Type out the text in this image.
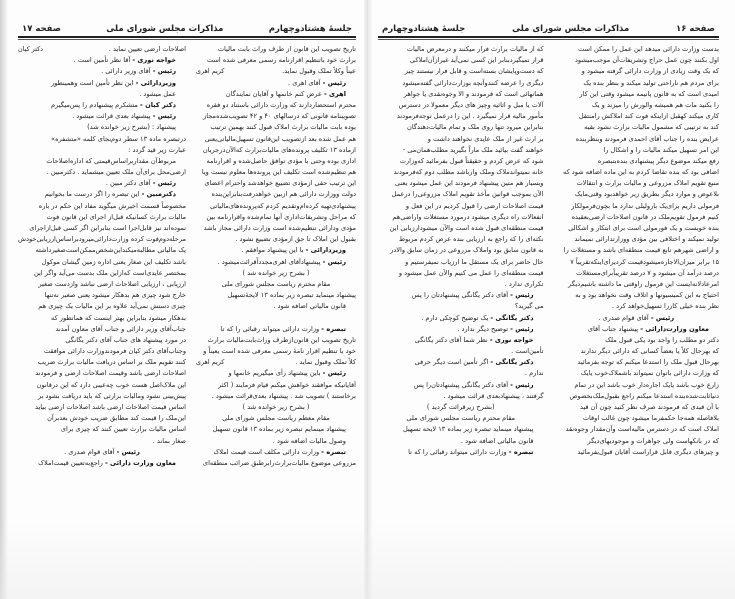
صفحه ۱۷	مذاکرات مجلس شورای ملی	جلسهٔ هشتادوچهارم
تاریخ تصویب این قانون از طرف وراث بابت مالیات
برارث خود باتنظیم اقرارنامه رسمی معرفی شده است
کریم اهری	عیناً وکلاً تملک وقبول نماید.
رئیس - آقای اهری .
اهری - عرض کنم خانمها و آقایان نمایندگان
محترم استحضاردارند که وزارت دارائی باستناد دو فقره
تصویبنامه قانونی که درسالهای ۴۰ و ۴۲ تصویب‌شده‌مجاز
بوده بابت مالیات برارث املاک قبول کنند بهمین ترتیب
هم عمل شده بعد ازتصویب این‌قانون تسهیل‌مالیاتی‌یعنی
ازماده ۱۳ تکلیف پرونده‌های مالیات‌برارث که‌الآن‌درجریان
اداری بوده وحتی با مؤدی توافق حاصل‌شده و اقرارنامه
هم تنظیم‌شده است تکلیف این پرونده‌ها معلوم نیست ویا
این ترتیب حقی ازمؤدی تضییع خواهدشد واحترام اعضای
دولت ووزارت دارائی هم ازبین خواهدرفت‌بنابراین‌بنده
پیشنهادی‌تهیه کرده‌ام‌وتقدیم کردم که‌پرونده‌های‌مالیاتی
که مراحل وتشریفات‌اداری آنها تمام‌شده واقرارنامه بین
مؤدی ودارائی تنظیم‌شده است وزارت دارائی مجاز باشد
بقبول این املاک تا حق ازمؤدی تضییع نشود .
وزیردارائی - با این پیشنهاد موافقم .
رئیس - پیشنهادآقای اهری‌مجدداًقرائت‌میشود .
( بشرح زیر خوانده شد )
مقام محترم ریاست مجلس شورای ملی
پیشنهاد مینماید تبصره زیر بماده ۱۳ لایحهٔ‌تسهیل
قانون مالیاتی اضافه شود .
تبصره - وزارت دارائی میتواند رقبائی را که تا
تاریخ تصویب این قانون‌ازطرف وراث‌بابت‌مالیات برارث
خود با تنظیم اقرار نامهٔ رسمی معرفی شده است یعیناً و
کریم اهری	کلاً تملک وقبول نماید .
رئیس - باین پیشنهاد رأی میگیریم خانمها و
آقایانیکه موافقند خواهش میکنم قیام فرمایند ( اکثر
برخاستند ) تصویب شد . پیشنهاد بعدی‌قرائت میشود .
( بشرح زیر خوانده شد )
مقام معظم ریاست مجلس شورای ملی
پیشنهاد مینمایم تبصره زیر بماده ۱۳ قانون تسهیل
وصول مالیات اضافه شود .
تبصره - وزارت دارائی مکلف است قیمت املاک
مزروعی موضوع مالیات‌برارث‌رابرطبق ضرائب منطقه‌ای
دکتر کیان	اصلاحات ارضی تعیین نماید .
خواجه نوری - آقا نظر تأمین است .
رئیس - آقای وزیر دارائی .
وزیردارائی - این نظر تأمین است وهمینطور
عمل میشود .
دکتر کیان - متشکرم پیشنهادم را پس‌میگیرم
رئیس - پیشنهاد بعدی قرائت میشود .
پیشنهاد : (بشرح زیر خوانده شد)
درتبصره ماده ۱۳ سطر دوم‌بجای کلمه «متشفره»
عبارت زیر قید گردد :
مربوط‌آن مقداربراساس‌قیمتی که اداره‌اصلاحات
ارضی‌محل برای‌آن ملک تعیین میشماید . دکترمبین .
رئیس - آقای دکتر مبین .
دکترمبین - این تبصره را اگر درست ما بخوانیم
مخصوصاً قسمت اخیرش میگوید مفاد این حکم در باره
مالیات برارث کسانیکه قبل‌از اجرای این قانون فوت
نموده‌اند نیز قابل‌اجرا است بنابراین اگر کسی قبل‌ازاجرای
مرحله‌دوم‌فوت کرده وزارت‌دارائی‌میرود‌براساس‌ارزیابی‌خودش
یک مالیاتی مطالبه‌میکند‌این‌شخص‌ممکن‌است‌صغیرداشته
باشد تکلیف این صغار یعنی اداره زمین گیشان موکول
بمختصر عایدی‌است که‌ازاین ملک بدست می‌آید واگر این
ارزیابی ، ارزیابی اصلاحات ارضی نباشد وازدست صغیر
خارج شود چیزی هم بدهکار میشود یعنی صغیر نه‌تنها
چیزی دستش نمی‌آید علاوه بر این مالیات یک چیزی هم
بدهکار میشود بنابراین بهتر اینست که همانطور که
جناب‌آقای وزیر دارائی و جناب آقای معاون آمدند
در مورد پیشنهاد های جناب آقای دکتر یگانگی
وجناب‌آقای دکتر کیان فرمودند‌وزارت دارائی موافقت
کنند تقویم ملک بر اساس دریافت مالیات برارث ضریب
اصلاحات ارضی باشد وقیمت اصلاحات ارضی و فرمودند
این ملاک‌اصل هست خوب چه‌عیبی دارد که این درقانون
پیش‌بینی نشود ومالیات برارثی که باید دریافت بشود بر
اساس قیمت اصلاحات ارضی باشد اصلاحات ارضی بیاید
این‌ملک را قیمت کند مطابق ضریب خودش بعدبرآن
اساس مالیات برارث تعیین کنند که چیزی برای
صغار بماند .
رئیس - آقای قوام صدری .
معاون وزارت دارائی - راجع‌به‌تعیین قیمت‌املاک
جلسهٔ هشتادوچهارم	مذاکرات مجلس شورای ملی	صفحه ۱۶
بدست وزارت دارائی میدهد این عمل را ممکن است
اول بکنند چون عمل حراج وتشریفات‌آن موجب‌میشود
که یک وقت زیادی از وزارت دارائی گرفته میشود و
برای مردم هم ناراحتی تولید میکند و بنظر بنده یک
امیدی است که به قانون پانیمه میشود وقتی این کار
را بکنید مات هم همیشه والورش را میزند و یک
کاری میکند کهقبل ازاینکه فوت کند املاکش رامنتقل
کند به ترتیبی که مشمول مالیات برارث نشود بقیه
عرایض بنده را جناب آقای احمدی فرمودند وبنظربنده
این امر تسهیل میکند مالیات را و اشکال را
رفع میکند موضوع دیگر پیشنهادی بنده‌بتبصره
اضافی بود که بنده تقاضا کردم به این ماده اضافه شود که
منبع تقویم املاک مزروعی و مالیات برارث و انتقالات
بلاعوض و موارد دیگر بطریق زیر خواهدبود وقتی‌مایک
فرمولی داریم برای‌یک بارولیلی ندارد ما بچون‌فرمولکار
کنیم فرمول تقویم‌ملک در قانون اصلاحات ارضی‌بعقیده
بنده خوبست و یک فورمولی است برای ابتکار و اشکالی
تولید نمیکند و اختلافی بین مؤدی ووزارتدارائی نمیماند
و اراضی شهرهم تابع قیمت منطقه‌ای باشد و مستغلات را
۱۵ برابر میزان‌الاجاره‌میشود‌قیمت کردیرای‌اینکه‌تقریباً ۷
درصد درآمد آن میشود و ۷ درصد تقریباًبرای‌مستغلات
امرعادلانه‌ایست این فرمول راوقتی ما داشته باشیم‌دیگر
احتیاج به این کمیسیونها و اتلاف وقت نخواهد بود و به
نظر بنده خیلی کاررا تسهیل‌خواهد کرد .
رئیس - آقای قوام صدری .
معاون وزارت‌دارائی - پیشنهاد جناب آقای
دکتر دو مطلب را واجد بود یکی قبول ملک
که بهرحال کلاً یا بعضاً کسانی که دارائی دیگر ندارند
بهرحال قبول ملک را استدعا میکنم که توجه بفرمائید
که وزارت دارائی باتوان نمیتواند باشملاک‌خوب یایک
زارع خوب باشد یایک اجاره‌دار خوب باشد این در تمام
دنیاثابت‌شده‌بنده استدعا میکنم راجع بقبول‌ملک‌بخصوص
با آن قیدی که فرمودند صرف نظر کنید چون آن قید
بلافاصله همه‌جا حکمفرما میشود چون غالب اوقات
املاک است که در دسترس مالیه‌است وآن‌مقدار وجوه‌نقد
که در بانکهاست ولی جواهرات و موجودیهای‌دیگر
و چیزهای دیگری قابل قراراست آقایان قبول‌بفرمائید
که از مالیات برارث فرار میکنند و درمعرض مالیات
قرار نمیگیرد‌بنابر این کسی نمی‌آید غیرازآن‌املاکی
که دست‌وپایشان بسته‌است و قابل فرار نیستند چیز
دیگری را عرضه کنندوآنچه بوزارت‌دارائی گفته‌میشود
همانهائی است که فرمودند و الا وجوه‌نقدی یا جواهر
آلات یا مبل و اثاثیه وچیز های دیگر معمولا در دسترس
مأمور مالیه قرار نمیگیرد . این را درعمل توجه‌فرمودند
بنابراین میرود تنها روی ملک و تمام مالیات‌دهندگان
بر ارث غیر از ملک عایدی نخواهند داشت و
خواهند گفت بیائید ملک ماراً بگیرید مطلب‌همان‌می -
شود که عرض کردم و حقیقتاً قبول بفرمائید که‌وزارت
خانه نمیتواندملاک وملک وارباشد مطلب دوم که‌فرمودند
وبسیار هم متین پیشنهاد فرمودند این عمل میشود یعنی
الآن بموجب قوانین مأخذ تقویم املاک مزروعی‌را درعمل
قیمت اصلاحات ارضی را قبول کردیم در این فعل و
انفعالات راه دیگری میشود درمورد مستغلات واراضی‌هم
قیمت منطقه‌ای قبول شده است والآن میشودارزیابی این
نکته‌ای را که راجع به ارزیابی بنده عرض کردم مربوط
به قانون سابق بود واملاک مزروعی در زمان سابق والادر
حال حاضر برای یک مستقل ما ارزیاب نمیفرستیم و
قیمت منطقه‌ای را عمل می کنیم والآن عمل میشود و
تکراری ندارد .
رئیس - آقای دکتر یگانگی پیشنهادتان را پس
می گیرید؟
دکتر یگانگی - یک توضیح کوچکی دارم .
رئیس - توضیح دیگر ندارد .
خواجه نوری - نظر شما آقای دکتر یگانگی
تأمین‌است .
دکتر یگانگی - اگر تأمین است دیگر حرفی
ندارم .
رئیس - آقای دکتر یگانگی پیشنهادتان‌را پس
گرفتند ، پیشنهادبعدی قرائت میشود .
(بشرح زیرقرائت گردید )
مقام محترم ریاست مجلس شورای ملی
پیشنهاد مینماید تبصره زیر بماده ۱۳ لایحه تسهیل
قانون مالیاتی اضافه شود .
تبصره - وزارت دارائی میتواند رقبائی را که تا
